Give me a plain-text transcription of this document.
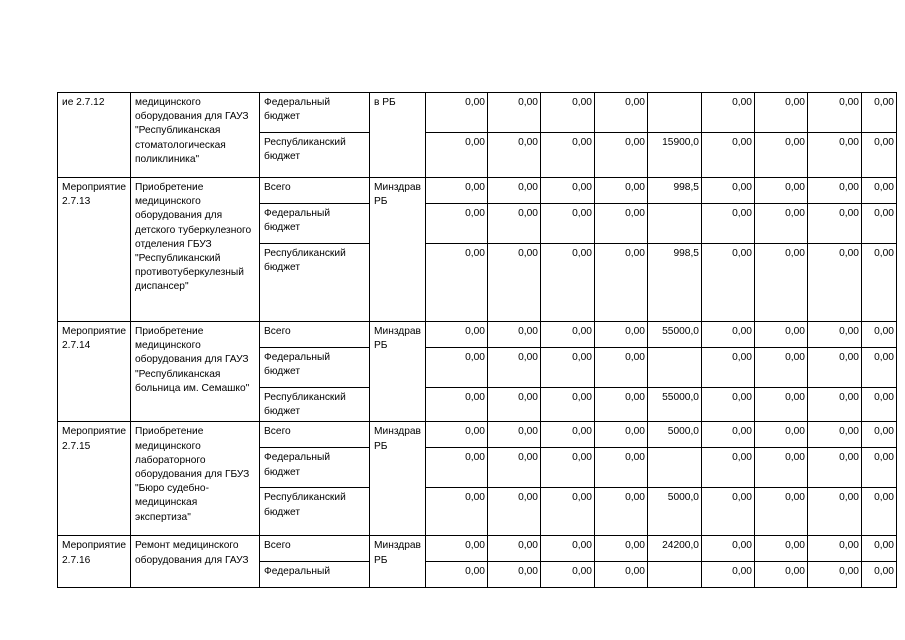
ие 2.7.12	медицинского оборудования для ГАУЗ "Республиканская стоматологическая поликлиника"	Федеральный бюджет	в РБ	0,00	0,00	0,00	0,00		0,00	0,00	0,00	0,00
		Республиканский бюджет		0,00	0,00	0,00	0,00	15900,0	0,00	0,00	0,00	0,00
Мероприятие 2.7.13	Приобретение медицинского оборудования для детского туберкулезного отделения ГБУЗ "Республиканский противотуберкулезный диспансер"	Всего	Минздрав РБ	0,00	0,00	0,00	0,00	998,5	0,00	0,00	0,00	0,00
		Федеральный бюджет		0,00	0,00	0,00	0,00		0,00	0,00	0,00	0,00
		Республиканский бюджет		0,00	0,00	0,00	0,00	998,5	0,00	0,00	0,00	0,00
Мероприятие 2.7.14	Приобретение медицинского оборудования для ГАУЗ "Республиканская больница им. Семашко"	Всего	Минздрав РБ	0,00	0,00	0,00	0,00	55000,0	0,00	0,00	0,00	0,00
		Федеральный бюджет		0,00	0,00	0,00	0,00		0,00	0,00	0,00	0,00
		Республиканский бюджет		0,00	0,00	0,00	0,00	55000,0	0,00	0,00	0,00	0,00
Мероприятие 2.7.15	Приобретение медицинского лабораторного оборудования для ГБУЗ "Бюро судебно-медицинская экспертиза"	Всего	Минздрав РБ	0,00	0,00	0,00	0,00	5000,0	0,00	0,00	0,00	0,00
		Федеральный бюджет		0,00	0,00	0,00	0,00		0,00	0,00	0,00	0,00
		Республиканский бюджет		0,00	0,00	0,00	0,00	5000,0	0,00	0,00	0,00	0,00
Мероприятие 2.7.16	Ремонт медицинского оборудования для ГАУЗ	Всего	Минздрав РБ	0,00	0,00	0,00	0,00	24200,0	0,00	0,00	0,00	0,00
		Федеральный		0,00	0,00	0,00	0,00		0,00	0,00	0,00	0,00
